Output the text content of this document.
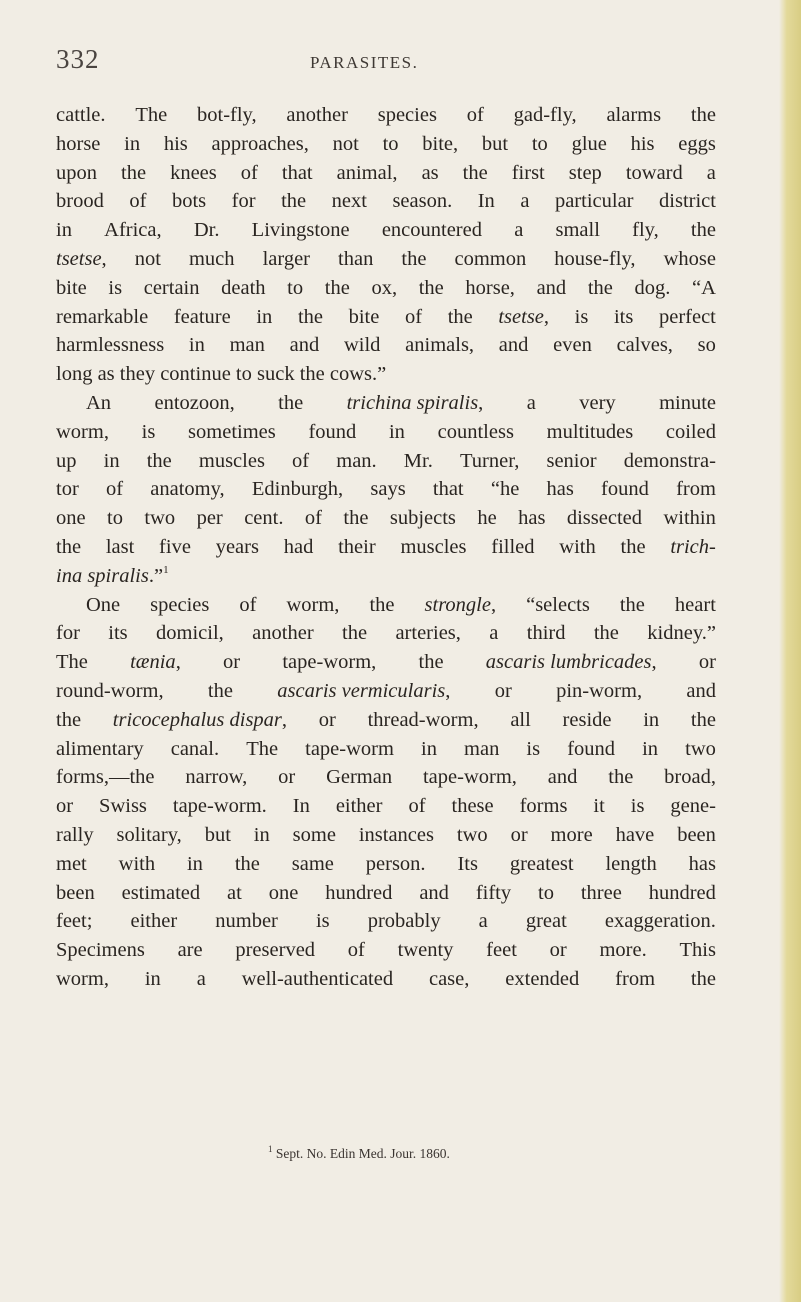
332	PARASITES.
cattle. The bot-fly, another species of gad-fly, alarms the
horse in his approaches, not to bite, but to glue his eggs
upon the knees of that animal, as the first step toward a
brood of bots for the next season. In a particular district
in Africa, Dr. Livingstone encountered a small fly, the
tsetse, not much larger than the common house-fly, whose
bite is certain death to the ox, the horse, and the dog. “A
remarkable feature in the bite of the tsetse, is its perfect
harmlessness in man and wild animals, and even calves, so
long as they continue to suck the cows.”
An entozoon, the trichina spiralis, a very minute
worm, is sometimes found in countless multitudes coiled
up in the muscles of man. Mr. Turner, senior demonstra-
tor of anatomy, Edinburgh, says that “he has found from
one to two per cent. of the subjects he has dissected within
the last five years had their muscles filled with the trich-
ina spiralis.”$^1$
One species of worm, the strongle, “selects the heart
for its domicil, another the arteries, a third the kidney.”
The tænia, or tape-worm, the ascaris lumbricades, or
round-worm, the ascaris vermicularis, or pin-worm, and
the tricocephalus dispar, or thread-worm, all reside in the
alimentary canal. The tape-worm in man is found in two
forms,—the narrow, or German tape-worm, and the broad,
or Swiss tape-worm. In either of these forms it is gene-
rally solitary, but in some instances two or more have been
met with in the same person. Its greatest length has
been estimated at one hundred and fifty to three hundred
feet; either number is probably a great exaggeration.
Specimens are preserved of twenty feet or more. This
worm, in a well-authenticated case, extended from the
$^1$ Sept. No. Edin Med. Jour. 1860.
